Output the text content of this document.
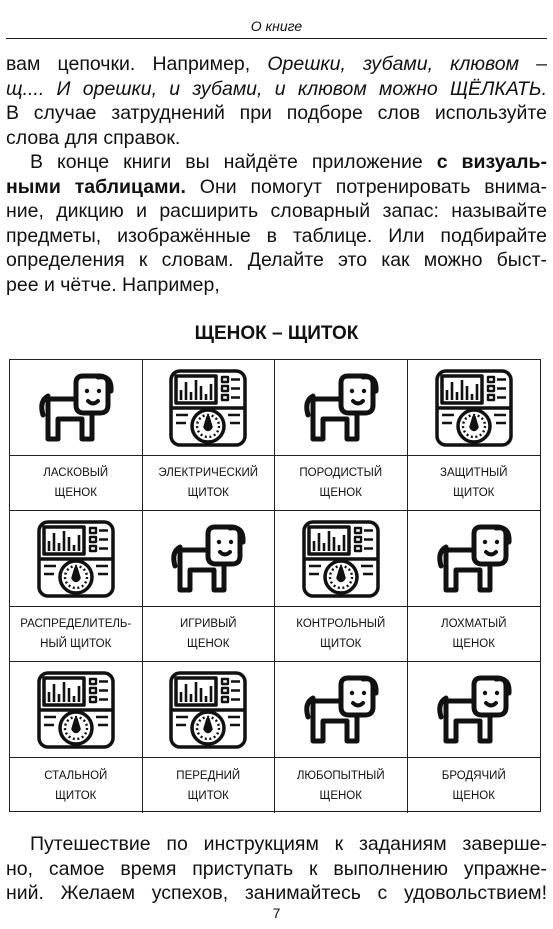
О книге
вам цепочки. Например, Орешки, зубами, клювом –
щ.... И орешки, и зубами, и клювом можно ЩЁЛКАТЬ.
В случае затруднений при подборе слов используйте
слова для справок.
В конце книги вы найдёте приложение с визуаль-
ными таблицами. Они помогут потренировать внима-
ние, дикцию и расширить словарный запас: называйте
предметы, изображённые в таблице. Или подбирайте
определения к словам. Делайте это как можно быст-
рее и чётче. Например,
ЩЕНОК – ЩИТОК
ЛАСКОВЫЙ
ЩЕНОК
ЭЛЕКТРИЧЕСКИЙ
ЩИТОК
ПОРОДИСТЫЙ
ЩЕНОК
ЗАЩИТНЫЙ
ЩИТОК
РАСПРЕДЕЛИТЕЛЬ-
НЫЙ ЩИТОК
ИГРИВЫЙ
ЩЕНОК
КОНТРОЛЬНЫЙ
ЩИТОК
ЛОХМАТЫЙ
ЩЕНОК
СТАЛЬНОЙ
ЩИТОК
ПЕРЕДНИЙ
ЩИТОК
ЛЮБОПЫТНЫЙ
ЩЕНОК
БРОДЯЧИЙ
ЩЕНОК
Путешествие по инструкциям к заданиям заверше-
но, самое время приступать к выполнению упражне-
ний. Желаем успехов, занимайтесь с удовольствием!
7
